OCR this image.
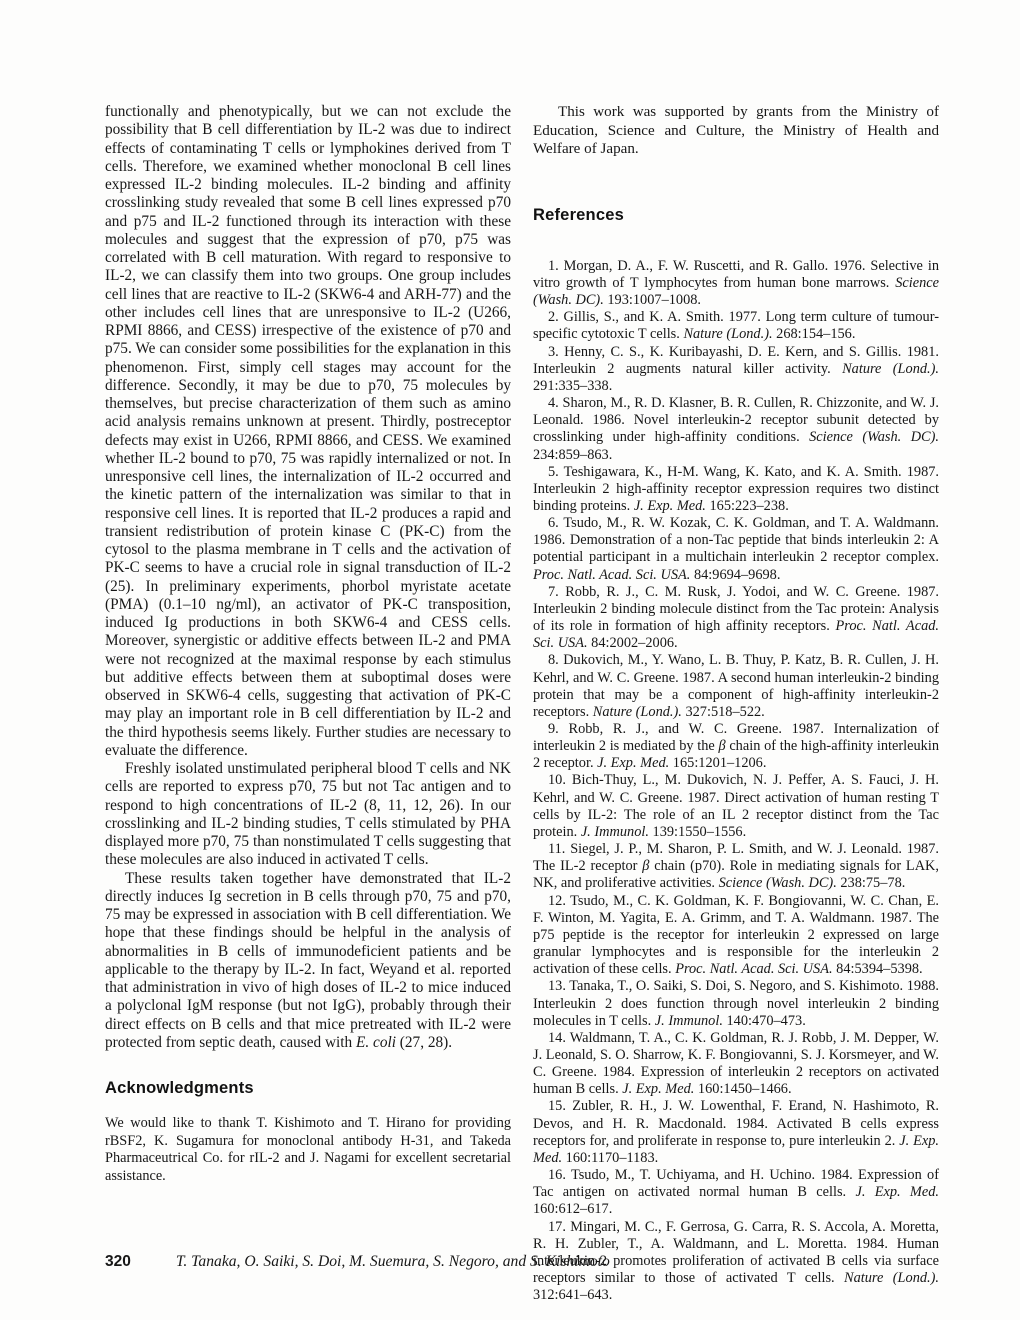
functionally and phenotypically, but we can not exclude the possibility that B cell differentiation by IL-2 was due to indirect effects of contaminating T cells or lymphokines derived from T cells. Therefore, we examined whether monoclonal B cell lines expressed IL-2 binding molecules. IL-2 binding and affinity crosslinking study revealed that some B cell lines expressed p70 and p75 and IL-2 functioned through its interaction with these molecules and suggest that the expression of p70, p75 was correlated with B cell maturation. With regard to responsive to IL-2, we can classify them into two groups. One group includes cell lines that are reactive to IL-2 (SKW6-4 and ARH-77) and the other includes cell lines that are unresponsive to IL-2 (U266, RPMI 8866, and CESS) irrespective of the existence of p70 and p75. We can consider some possibilities for the explanation in this phenomenon. First, simply cell stages may account for the difference. Secondly, it may be due to p70, 75 molecules by themselves, but precise characterization of them such as amino acid analysis remains unknown at present. Thirdly, postreceptor defects may exist in U266, RPMI 8866, and CESS. We examined whether IL-2 bound to p70, 75 was rapidly internalized or not. In unresponsive cell lines, the internalization of IL-2 occurred and the kinetic pattern of the internalization was similar to that in responsive cell lines. It is reported that IL-2 produces a rapid and transient redistribution of protein kinase C (PK-C) from the cytosol to the plasma membrane in T cells and the activation of PK-C seems to have a crucial role in signal transduction of IL-2 (25). In preliminary experiments, phorbol myristate acetate (PMA) (0.1–10 ng/ml), an activator of PK-C transposition, induced Ig productions in both SKW6-4 and CESS cells. Moreover, synergistic or additive effects between IL-2 and PMA were not recognized at the maximal response by each stimulus but additive effects between them at suboptimal doses were observed in SKW6-4 cells, suggesting that activation of PK-C may play an important role in B cell differentiation by IL-2 and the third hypothesis seems likely. Further studies are necessary to evaluate the difference.

Freshly isolated unstimulated peripheral blood T cells and NK cells are reported to express p70, 75 but not Tac antigen and to respond to high concentrations of IL-2 (8, 11, 12, 26). In our crosslinking and IL-2 binding studies, T cells stimulated by PHA displayed more p70, 75 than nonstimulated T cells suggesting that these molecules are also induced in activated T cells.

These results taken together have demonstrated that IL-2 directly induces Ig secretion in B cells through p70, 75 and p70, 75 may be expressed in association with B cell differentiation. We hope that these findings should be helpful in the analysis of abnormalities in B cells of immunodeficient patients and be applicable to the therapy by IL-2. In fact, Weyand et al. reported that administration in vivo of high doses of IL-2 to mice induced a polyclonal IgM response (but not IgG), probably through their direct effects on B cells and that mice pretreated with IL-2 were protected from septic death, caused with E. coli (27, 28).

Acknowledgments

We would like to thank T. Kishimoto and T. Hirano for providing rBSF2, K. Sugamura for monoclonal antibody H-31, and Takeda Pharmaceutrical Co. for rIL-2 and J. Nagami for excellent secretarial assistance.

This work was supported by grants from the Ministry of Education, Science and Culture, the Ministry of Health and Welfare of Japan.

References

1. Morgan, D. A., F. W. Ruscetti, and R. Gallo. 1976. Selective in vitro growth of T lymphocytes from human bone marrows. Science (Wash. DC). 193:1007–1008.

2. Gillis, S., and K. A. Smith. 1977. Long term culture of tumour-specific cytotoxic T cells. Nature (Lond.). 268:154–156.

3. Henny, C. S., K. Kuribayashi, D. E. Kern, and S. Gillis. 1981. Interleukin 2 augments natural killer activity. Nature (Lond.). 291:335–338.

4. Sharon, M., R. D. Klasner, B. R. Cullen, R. Chizzonite, and W. J. Leonald. 1986. Novel interleukin-2 receptor subunit detected by crosslinking under high-affinity conditions. Science (Wash. DC). 234:859–863.

5. Teshigawara, K., H-M. Wang, K. Kato, and K. A. Smith. 1987. Interleukin 2 high-affinity receptor expression requires two distinct binding proteins. J. Exp. Med. 165:223–238.

6. Tsudo, M., R. W. Kozak, C. K. Goldman, and T. A. Waldmann. 1986. Demonstration of a non-Tac peptide that binds interleukin 2: A potential participant in a multichain interleukin 2 receptor complex. Proc. Natl. Acad. Sci. USA. 84:9694–9698.

7. Robb, R. J., C. M. Rusk, J. Yodoi, and W. C. Greene. 1987. Interleukin 2 binding molecule distinct from the Tac protein: Analysis of its role in formation of high affinity receptors. Proc. Natl. Acad. Sci. USA. 84:2002–2006.

8. Dukovich, M., Y. Wano, L. B. Thuy, P. Katz, B. R. Cullen, J. H. Kehrl, and W. C. Greene. 1987. A second human interleukin-2 binding protein that may be a component of high-affinity interleukin-2 receptors. Nature (Lond.). 327:518–522.

9. Robb, R. J., and W. C. Greene. 1987. Internalization of interleukin 2 is mediated by the β chain of the high-affinity interleukin 2 receptor. J. Exp. Med. 165:1201–1206.

10. Bich-Thuy, L., M. Dukovich, N. J. Peffer, A. S. Fauci, J. H. Kehrl, and W. C. Greene. 1987. Direct activation of human resting T cells by IL-2: The role of an IL 2 receptor distinct from the Tac protein. J. Immunol. 139:1550–1556.

11. Siegel, J. P., M. Sharon, P. L. Smith, and W. J. Leonald. 1987. The IL-2 receptor β chain (p70). Role in mediating signals for LAK, NK, and proliferative activities. Science (Wash. DC). 238:75–78.

12. Tsudo, M., C. K. Goldman, K. F. Bongiovanni, W. C. Chan, E. F. Winton, M. Yagita, E. A. Grimm, and T. A. Waldmann. 1987. The p75 peptide is the receptor for interleukin 2 expressed on large granular lymphocytes and is responsible for the interleukin 2 activation of these cells. Proc. Natl. Acad. Sci. USA. 84:5394–5398.

13. Tanaka, T., O. Saiki, S. Doi, S. Negoro, and S. Kishimoto. 1988. Interleukin 2 does function through novel interleukin 2 binding molecules in T cells. J. Immunol. 140:470–473.

14. Waldmann, T. A., C. K. Goldman, R. J. Robb, J. M. Depper, W. J. Leonald, S. O. Sharrow, K. F. Bongiovanni, S. J. Korsmeyer, and W. C. Greene. 1984. Expression of interleukin 2 receptors on activated human B cells. J. Exp. Med. 160:1450–1466.

15. Zubler, R. H., J. W. Lowenthal, F. Erand, N. Hashimoto, R. Devos, and H. R. Macdonald. 1984. Activated B cells express receptors for, and proliferate in response to, pure interleukin 2. J. Exp. Med. 160:1170–1183.

16. Tsudo, M., T. Uchiyama, and H. Uchino. 1984. Expression of Tac antigen on activated normal human B cells. J. Exp. Med. 160:612–617.

17. Mingari, M. C., F. Gerrosa, G. Carra, R. S. Accola, A. Moretta, R. H. Zubler, T., A. Waldmann, and L. Moretta. 1984. Human interleukin-2 promotes proliferation of activated B cells via surface receptors similar to those of activated T cells. Nature (Lond.). 312:641–643.

320	T. Tanaka, O. Saiki, S. Doi, M. Suemura, S. Negoro, and S. Kishimoto
